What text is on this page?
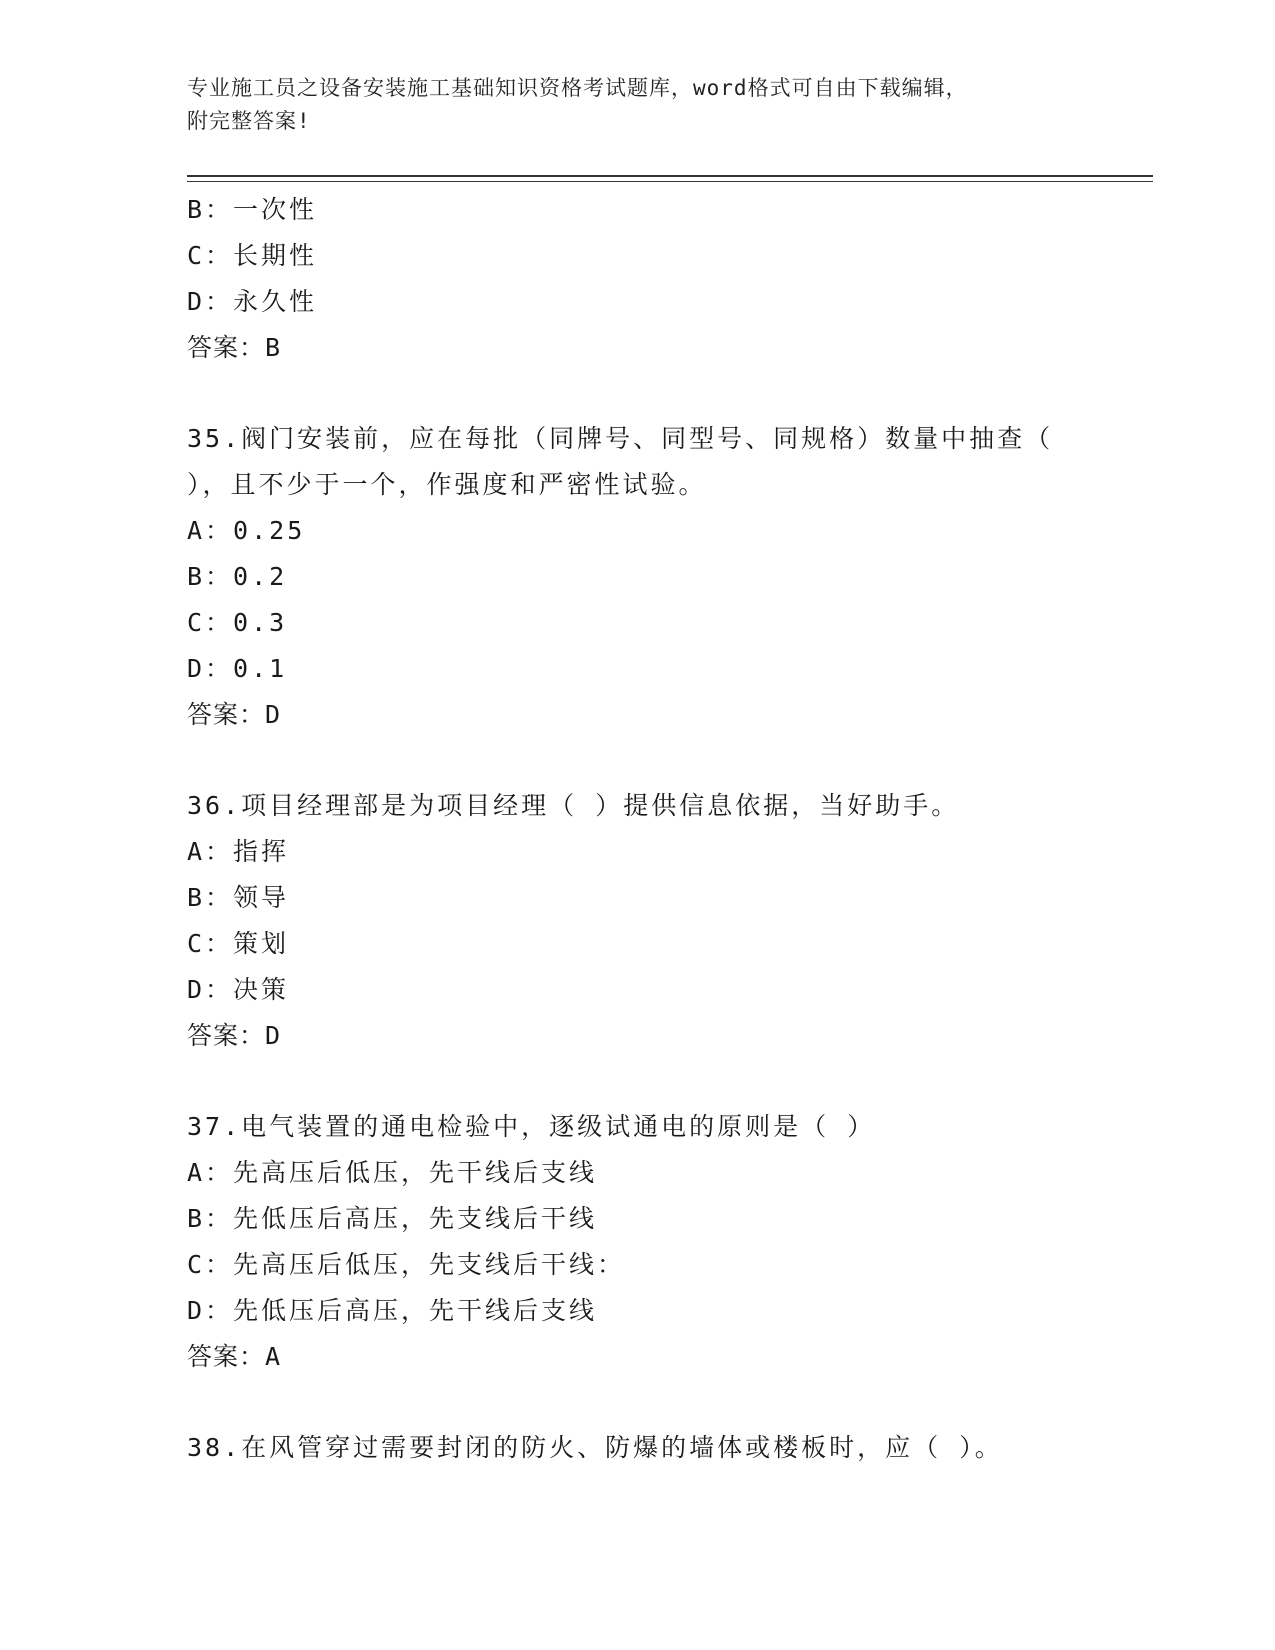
专业施工员之设备安装施工基础知识资格考试题库，word格式可自由下载编辑，
附完整答案!
B：一次性
C：长期性
D：永久性
答案：B
35.阀门安装前，应在每批（同牌号、同型号、同规格）数量中抽查（
），且不少于一个，作强度和严密性试验。
A：0.25
B：0.2
C：0.3
D：0.1
答案：D
36.项目经理部是为项目经理（ ）提供信息依据，当好助手。
A：指挥
B：领导
C：策划
D：决策
答案：D
37.电气装置的通电检验中，逐级试通电的原则是（ ）
A：先高压后低压，先干线后支线
B：先低压后高压，先支线后干线
C：先高压后低压，先支线后干线：
D：先低压后高压，先干线后支线
答案：A
38.在风管穿过需要封闭的防火、防爆的墙体或楼板时，应（ ）。
